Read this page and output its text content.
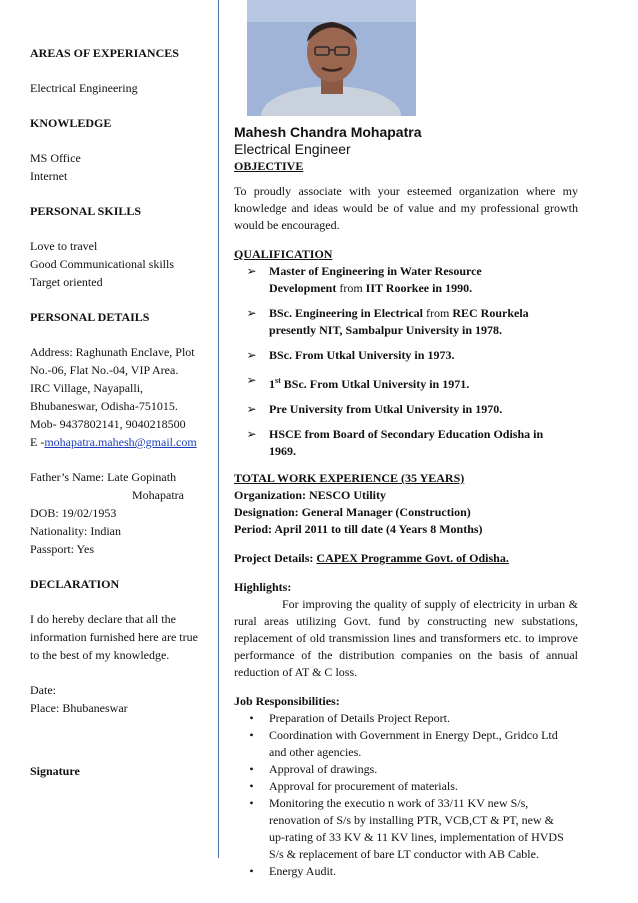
AREAS OF EXPERIANCES
Electrical Engineering
KNOWLEDGE
MS Office
Internet
PERSONAL SKILLS
Love to travel
Good Communicational skills
Target oriented
PERSONAL DETAILS
Address: Raghunath Enclave, Plot
No.-06, Flat No.-04, VIP Area.
IRC Village, Nayapalli,
Bhubaneswar, Odisha-751015.
Mob- 9437802141, 9040218500
E -mohapatra.mahesh@gmail.com
Father’s Name: Late Gopinath
Mohapatra
DOB: 19/02/1953
Nationality: Indian
Passport: Yes
DECLARATION
I do hereby declare that all the
information furnished here are true
to the best of my knowledge.
Date:
Place: Bhubaneswar
Signature
Mahesh Chandra Mohapatra
Electrical Engineer
OBJECTIVE
To proudly associate with your esteemed organization where my knowledge and ideas would be of value and my professional growth would be encouraged.
QUALIFICATION
➢	Master of Engineering in Water Resource
Development from IIT Roorkee in 1990.
➢	BSc. Engineering in Electrical from REC Rourkela
presently NIT, Sambalpur University in 1978.
➢	BSc. From Utkal University in 1973.
➢	1st BSc. From Utkal University in 1971.
➢	Pre University from Utkal University in 1970.
➢	HSCE from Board of Secondary Education Odisha in
1969.
TOTAL WORK EXPERIENCE (35 YEARS)
Organization: NESCO Utility
Designation: General Manager (Construction)
Period: April 2011 to till date (4 Years 8 Months)
Project Details: CAPEX Programme Govt. of Odisha.
Highlights:
For improving the quality of supply of electricity in urban & rural areas utilizing Govt. fund by constructing new substations, replacement of old transmission lines and transformers etc. to improve performance of the distribution companies on the basis of annual reduction of AT & C loss.
Job Responsibilities:
•	Preparation of Details Project Report.
•	Coordination with Government in Energy Dept., Gridco Ltd and other agencies.
•	Approval of drawings.
•	Approval for procurement of materials.
•	Monitoring the executio n work of 33/11 KV new S/s, renovation of S/s by installing PTR, VCB,CT & PT, new & up-rating of 33 KV & 11 KV lines, implementation of HVDS S/s & replacement of bare LT conductor with AB Cable.
•	Energy Audit.
